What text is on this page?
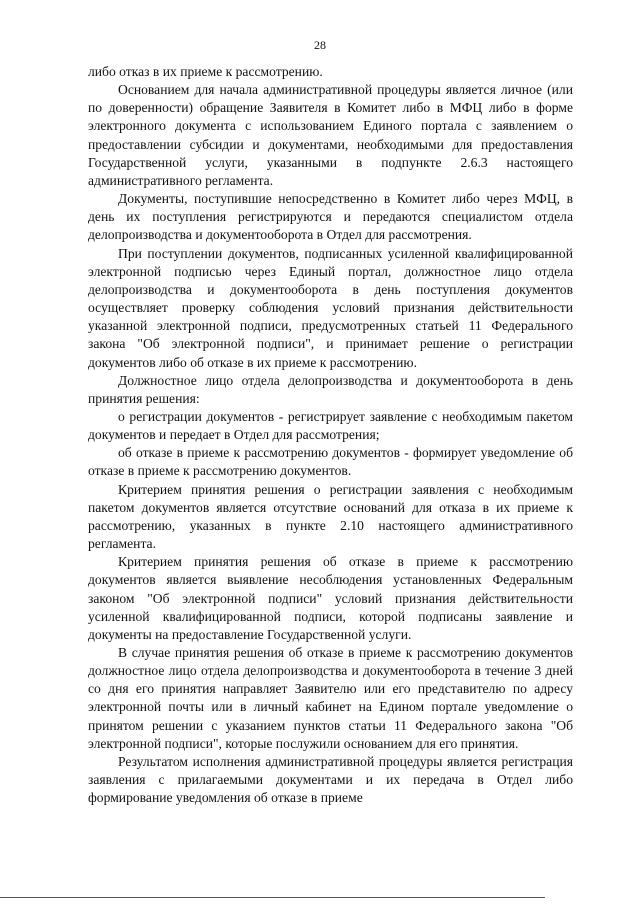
28

либо отказ в их приеме к рассмотрению.

Основанием для начала административной процедуры является личное (или по доверенности) обращение Заявителя в Комитет либо в МФЦ либо в форме электронного документа с использованием Единого портала с заявлением о предоставлении субсидии и документами, необходимыми для предоставления Государственной услуги, указанными в подпункте 2.6.3 настоящего административного регламента.

Документы, поступившие непосредственно в Комитет либо через МФЦ, в день их поступления регистрируются и передаются специалистом отдела делопроизводства и документооборота в Отдел для рассмотрения.

При поступлении документов, подписанных усиленной квалифицированной электронной подписью через Единый портал, должностное лицо отдела делопроизводства и документооборота в день поступления документов осуществляет проверку соблюдения условий признания действительности указанной электронной подписи, предусмотренных статьей 11 Федерального закона "Об электронной подписи", и принимает решение о регистрации документов либо об отказе в их приеме к рассмотрению.

Должностное лицо отдела делопроизводства и документооборота в день принятия решения:

о регистрации документов - регистрирует заявление с необходимым пакетом документов и передает в Отдел для рассмотрения;

об отказе в приеме к рассмотрению документов - формирует уведомление об отказе в приеме к рассмотрению документов.

Критерием принятия решения о регистрации заявления с необходимым пакетом документов является отсутствие оснований для отказа в их приеме к рассмотрению, указанных в пункте 2.10 настоящего административного регламента.

Критерием принятия решения об отказе в приеме к рассмотрению документов является выявление несоблюдения установленных Федеральным законом "Об электронной подписи" условий признания действительности усиленной квалифицированной подписи, которой подписаны заявление и документы на предоставление Государственной услуги.

В случае принятия решения об отказе в приеме к рассмотрению документов должностное лицо отдела делопроизводства и документооборота в течение 3 дней со дня его принятия направляет Заявителю или его представителю по адресу электронной почты или в личный кабинет на Едином портале уведомление о принятом решении с указанием пунктов статьи 11 Федерального закона "Об электронной подписи", которые послужили основанием для его принятия.

Результатом исполнения административной процедуры является регистрация заявления с прилагаемыми документами и их передача в Отдел либо формирование уведомления об отказе в приеме
